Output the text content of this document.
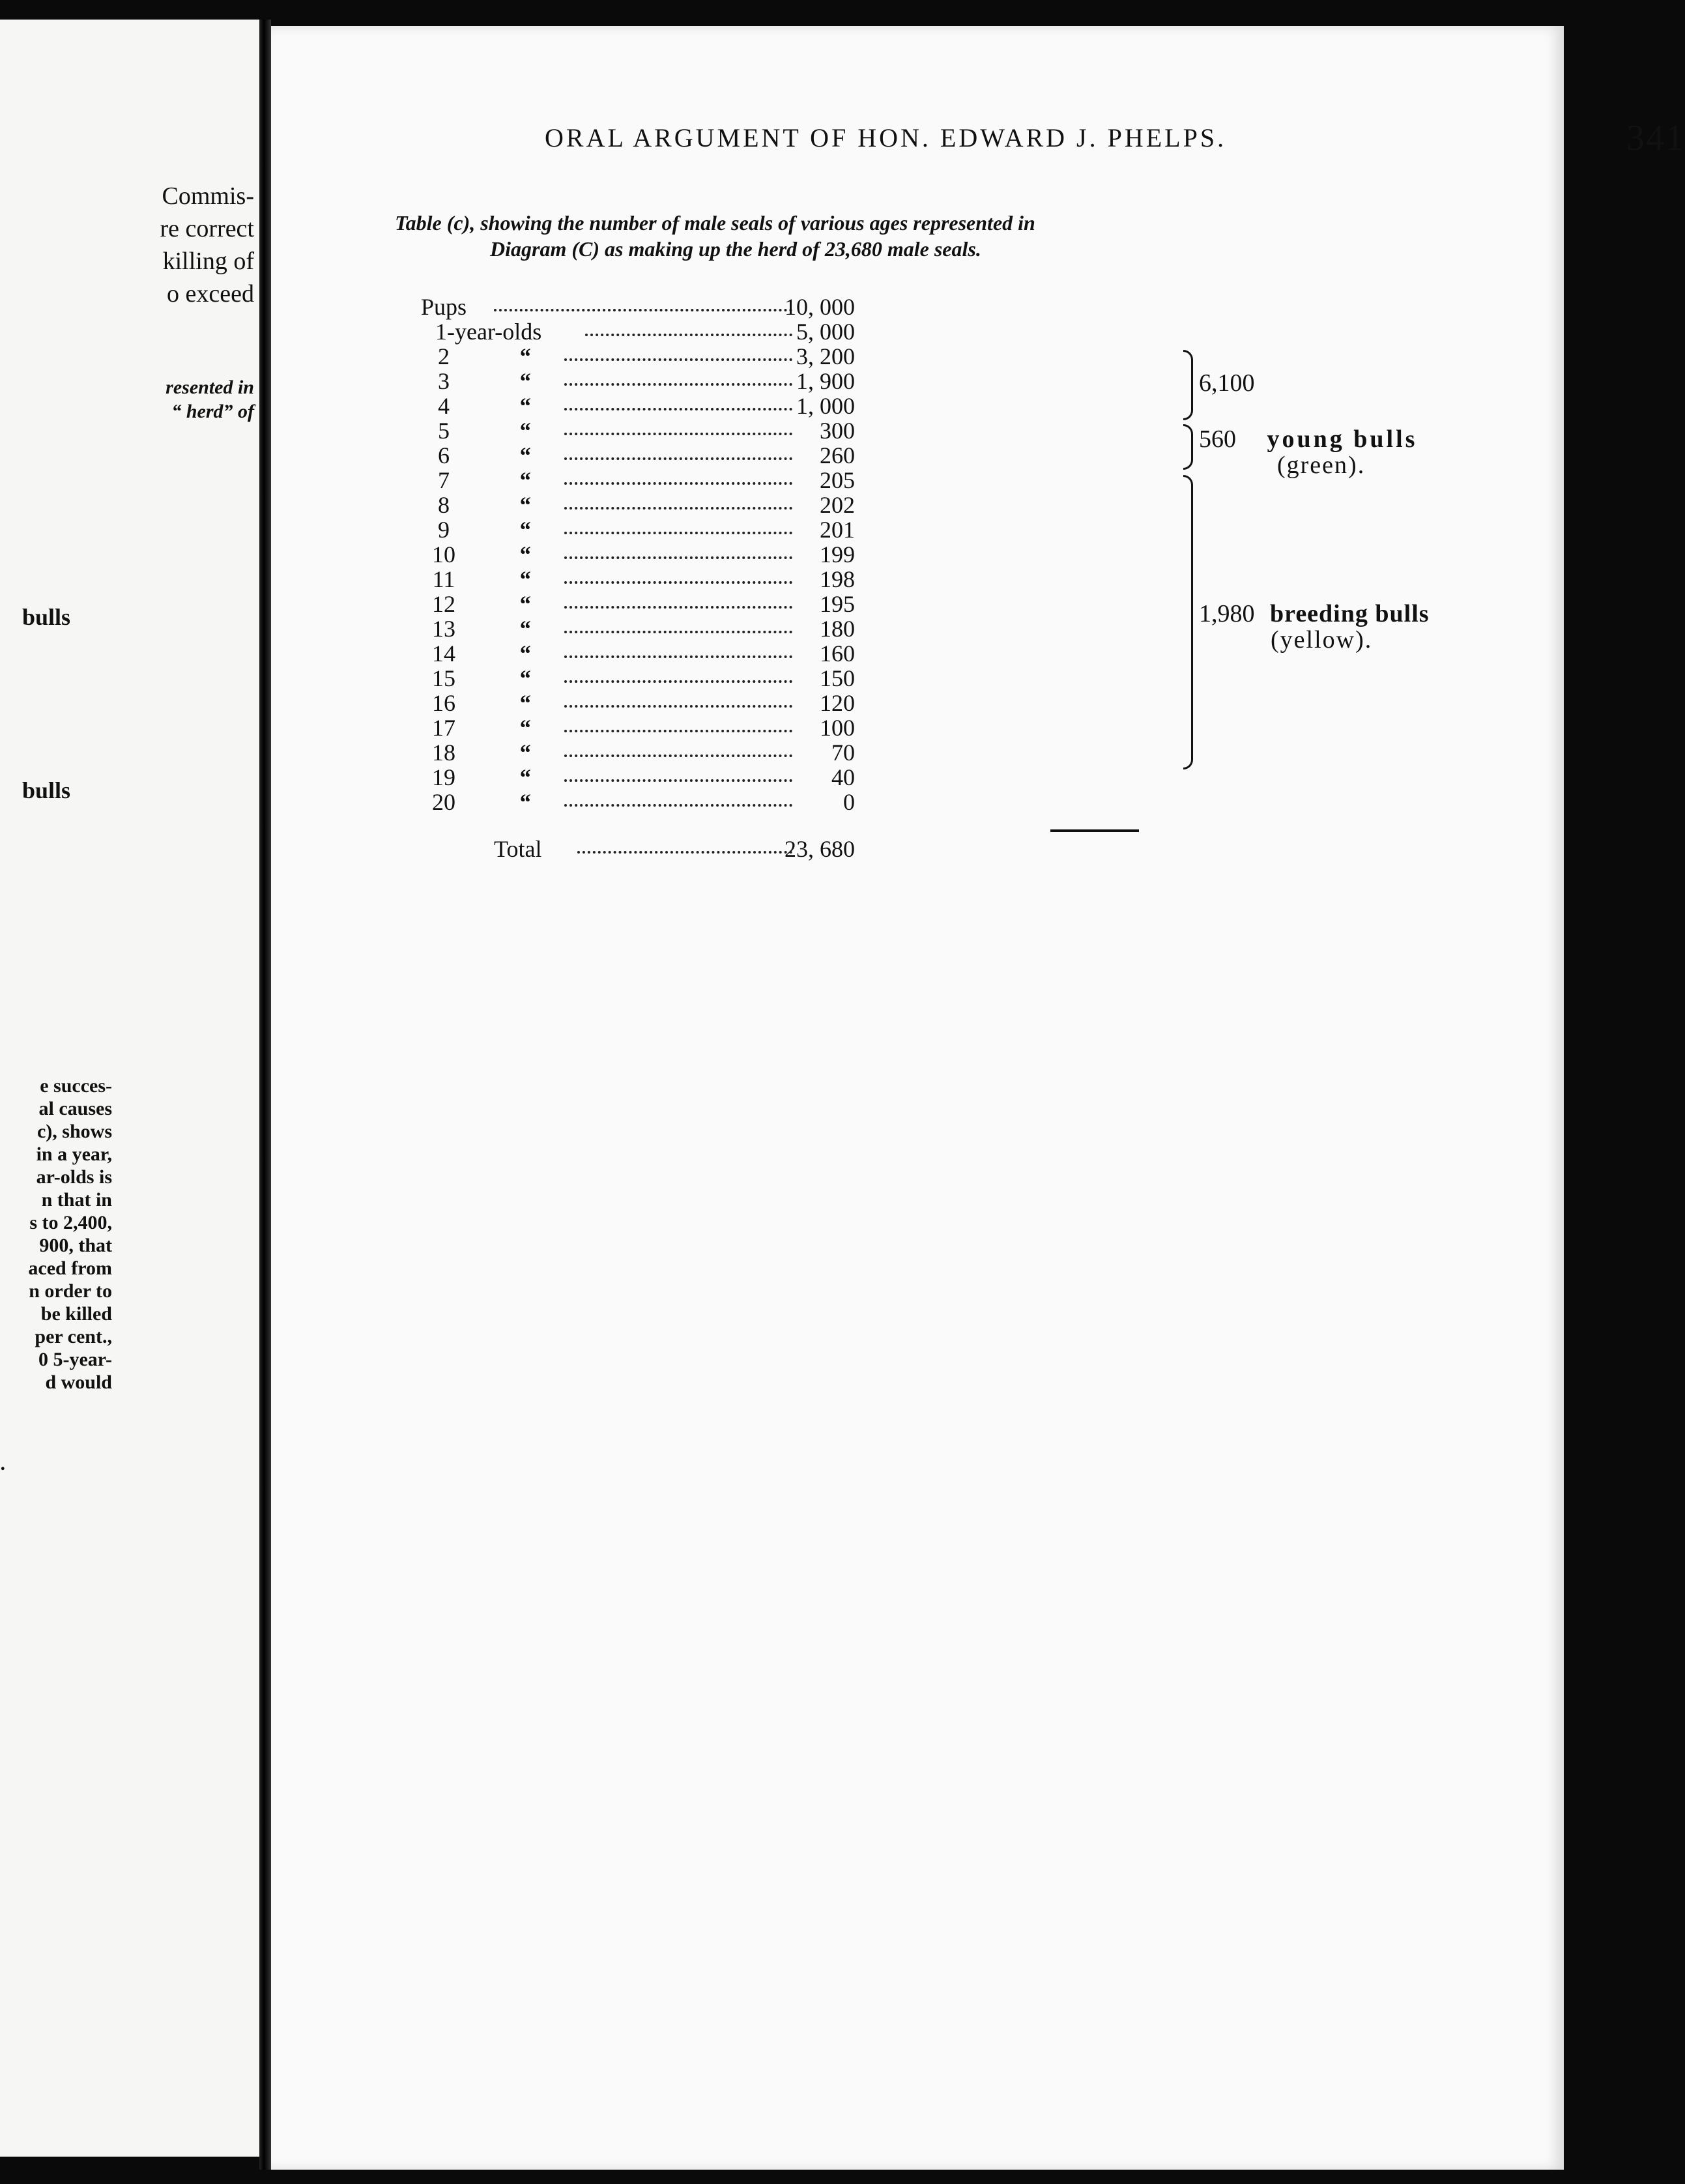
Commis-
re correct
killing of
o exceed
resented in
“ herd” of
bulls
bulls
e succes-
al causes
c), shows
in a year,
ar-olds is
n that in
s to 2,400,
900, that
aced from
n order to
be killed
per cent.,
0 5-year-
d would
.
ORAL ARGUMENT OF HON. EDWARD J. PHELPS.	341
Table (c), showing the number of male seals of various ages represented in
Diagram (C) as making up the herd of 23,680 male seals.
Pups	10, 000
1-year-olds	5, 000
2	“	3, 200
3	“	1, 900
4	“	1, 000
5	“	300
6	“	260
7	“	205
8	“	202
9	“	201
10	“	199
11	“	198
12	“	195
13	“	180
14	“	160
15	“	150
16	“	120
17	“	100
18	“	70
19	“	40
20	“	0
Total	23, 680
6,100
560 young bulls
(green).
1,980 breeding bulls
(yellow).
